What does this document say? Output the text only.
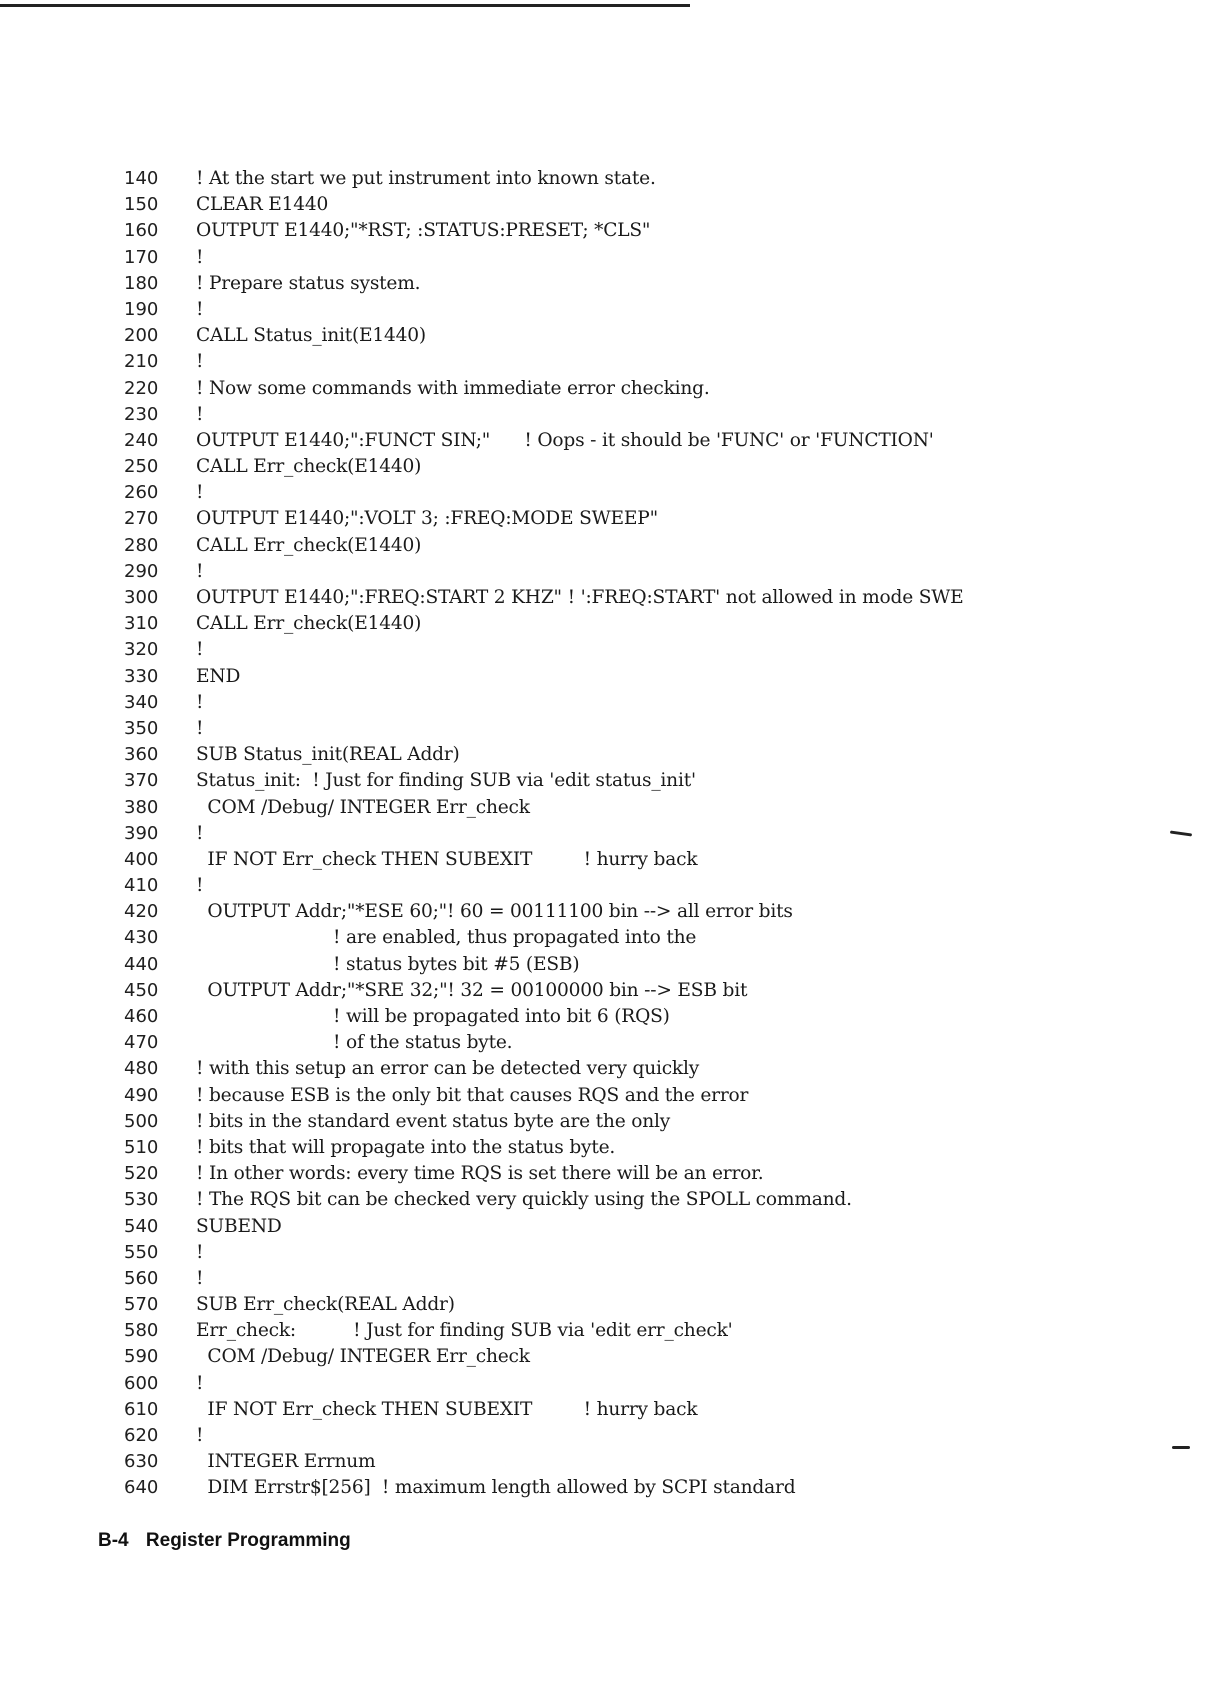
140	! At the start we put instrument into known state.
150	CLEAR E1440
160	OUTPUT E1440;"*RST; :STATUS:PRESET; *CLS"
170	!
180	! Prepare status system.
190	!
200	CALL Status_init(E1440)
210	!
220	! Now some commands with immediate error checking.
230	!
240	OUTPUT E1440;":FUNCT SIN;"      ! Oops - it should be 'FUNC' or 'FUNCTION'
250	CALL Err_check(E1440)
260	!
270	OUTPUT E1440;":VOLT 3; :FREQ:MODE SWEEP"
280	CALL Err_check(E1440)
290	!
300	OUTPUT E1440;":FREQ:START 2 KHZ" ! ':FREQ:START' not allowed in mode SWE
310	CALL Err_check(E1440)
320	!
330	END
340	!
350	!
360	SUB Status_init(REAL Addr)
370	Status_init:  ! Just for finding SUB via 'edit status_init'
380	COM /Debug/ INTEGER Err_check
390	!
400	IF NOT Err_check THEN SUBEXIT         ! hurry back
410	!
420	OUTPUT Addr;"*ESE 60;"! 60 = 00111100 bin --> all error bits
430	! are enabled, thus propagated into the
440	! status bytes bit #5 (ESB)
450	OUTPUT Addr;"*SRE 32;"! 32 = 00100000 bin --> ESB bit
460	! will be propagated into bit 6 (RQS)
470	! of the status byte.
480	! with this setup an error can be detected very quickly
490	! because ESB is the only bit that causes RQS and the error
500	! bits in the standard event status byte are the only
510	! bits that will propagate into the status byte.
520	! In other words: every time RQS is set there will be an error.
530	! The RQS bit can be checked very quickly using the SPOLL command.
540	SUBEND
550	!
560	!
570	SUB Err_check(REAL Addr)
580	Err_check:          ! Just for finding SUB via 'edit err_check'
590	COM /Debug/ INTEGER Err_check
600	!
610	IF NOT Err_check THEN SUBEXIT         ! hurry back
620	!
630	INTEGER Errnum
640	DIM Errstr$[256]  ! maximum length allowed by SCPI standard
B-4 Register Programming
